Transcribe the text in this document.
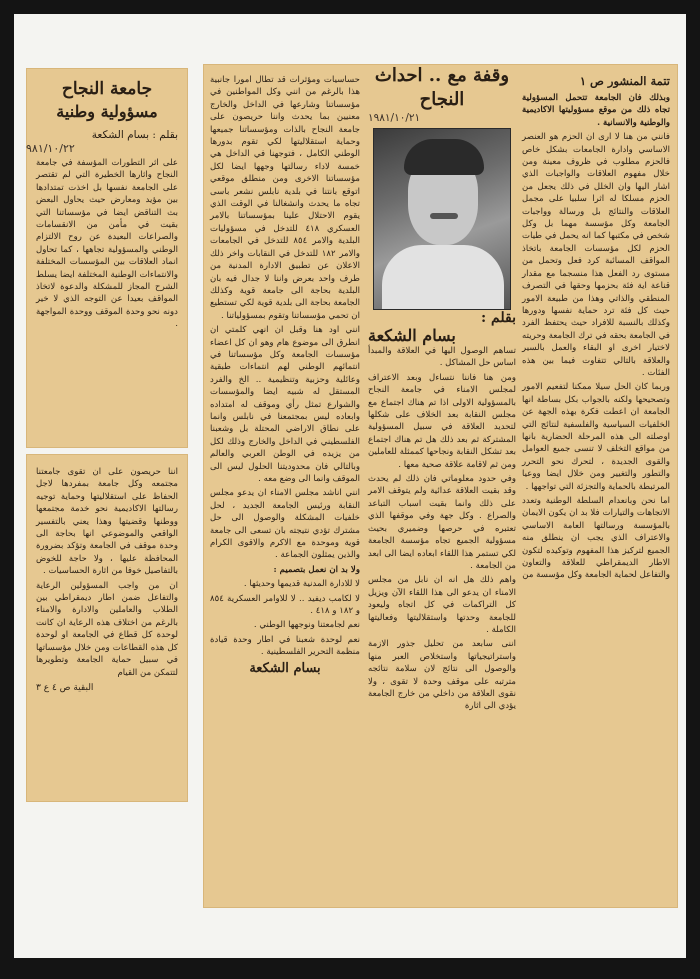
جامعة النجاح

مسؤولية وطنية

بقلم : بسام الشكعة

٩٨١/١٠/٢٢

على اثر التطورات المؤسفة في جامعة النجاح واثارها الخطيرة التي لم تقتصر على الجامعة نفسها بل اخذت تمتدادها بين مؤيد ومعارض حيث يحاول البعض بث التناقض ايضا في مؤسساتنا التي بقيت في مأمن من الانقسامات والصراعات البعيدة عن روح الالتزام الوطني والمسؤولية تجاهها ، كما تحاول انماد العلاقات بين المؤسسات المختلفة والانتماءات الوطنية المختلفة ايضا يسلط الشرح المجاز للمشكلة والدعوة لاتخاذ المواقف بعيدا عن التوجه الذي لا خير دونه نحو وحدة الموقف ووحدة المواجهة .

اننا حريصون على ان تقوى جامعتنا مجتمعه وكل جامعة بمفردها لاجل الحفاظ على استقلاليتها وحماية توجيه رسالتها الاكاديمية نحو خدمة مجتمعها ووطنها وقضيتها وهذا يعني بالتفسير الواقعي والموضوعي انها بحاجة الى وحدة موقف في الجامعة وتؤكد بضرورة المحافظة عليها ، ولا حاجة للخوض بالتفاصيل خوفا من اثارة الحساسيات .

ان من واجب المسؤولين الرعاية والتفاعل ضمن اطار ديمقراطي بين الطلاب والعاملين والادارة والامناء بالرغم من اختلاف هذه الرعاية ان كانت لوحدة كل قطاع في الجامعة او لوحدة كل هذه القطاعات ومن خلال مؤسساتها في سبيل حماية الجامعة وتطويرها لتتمكن من القيام

البقية ص ٤ ع ٣

تتمة المنشور ص ١

وبذلك فان الجامعة تتحمل المسؤولية تجاه ذلك من موقع مسؤوليتها الاكاديمية والوطنية والانسانية .

فانني من هنا لا ارى ان الحزم هو العنصر الاساسي وادارة الجامعات بشكل خاص فالحزم مطلوب في ظروف معينة ومن خلال مفهوم العلاقات والواجبات الذي اشار اليها وان الخلل في ذلك يجعل من الحزم مسلكا له اثرا سلبيا على مجمل العلاقات والنتائج بل ورسالة وواجبات الجامعة وكل مؤسسة مهما بل وكل شخص في مكتبها كما انه يحمل في طيات الحزم لكل مؤسسات الجامعة باتخاذ المواقف المسائبة كرد فعل وتحمل من مستوى رد الفعل هذا منسجما مع مقدار قناعة اية فئة بحزمها وحقها في التصرف المنطقي والذاتي وهذا من طبيعة الامور حيث كل فئة ترد حماية نفسها ودورها وكذلك بالنسبة للافراد حيث يحتفظ الفرد في الجامعة بحقه في ترك الجامعة وحريته لاختيار اخرى او البقاء والعمل بالسير والعلاقة بالتالي تتفاوت فيما بين هذه الفئات .

وربما كان الحل سيلا ممكنا لتفعيم الامور وتصحيحها ولكنه بالجواب بكل بساطة انها الجامعة ان اعطت فكرة بهذه الجهة عن الخلفيات السياسية والفلسفية لنتائج التي اوصلته الى هذه المرحلة الحضارية بانها من مواقع التخلف لا تنسى جميع العوامل والقوى الجديدة ، لتحرك نحو التحرر والتطور والتغيير ومن خلال ايضا ووعيا المرتبطة بالحماية والتجزئة التي تواجهها .

اما نحن وبانعدام السلطة الوطنية وتعدد الاتجاهات والتيارات فلا بد ان يكون الايمان بالمؤسسة ورسالتها العامة الاساسي والاعتراف الذي يجب ان ينطلق منه الجميع لتركيز هذا المفهوم وتوكيده لتكون الاطار الديمقراطي للعلاقة والتعاون والتفاعل لحماية الجامعة وكل مؤسسة من

وقفة مع .. احداث النجاح

١٩٨١/١٠/٢١

بقلم :

بسام الشكعة

تساهم الوصول اليها في العلاقة والمبدأ اساس حل المشاكل .

ومن هنا فاننا نتساءل وبعد الاعتراف لمجلس الامناء في جامعة النجاح بالمسؤولية الاولى اذا تم هناك اجتماع مع مجلس النقابة بعد الخلاف على شكلها لتحديد العلاقة في سبيل المسؤولية المشتركة ثم بعد ذلك هل تم هناك اجتماع بعد تشكل النقابة ونجاحها كممثلة للعاملين ومن ثم لاقامة علاقة صحية معها .

وفي حدود معلوماتي فان ذلك لم يحدث وقد بقيت العلاقة عدائية ولم يتوقف الامر على ذلك وانما بقيت اسباب التباعد والصراع . وكل جهة وفي موقفها الذي تعتبره في حرصها وضميري بحيث مسؤولية الجميع تجاه مؤسسة الجامعة لكي تستمر هذا اللقاء ابعاده ايضا الى ابعد من الجامعة .

واهم ذلك هل انه ان نابل من مجلس الامناء ان يدعو الى هذا اللقاء الآن ويزيل كل التراكمات في كل اتجاه وليعود للجامعة وحدتها واستقلاليتها وفعاليتها الكاملة .

اننى سابعد من تحليل جذور الازمة واستراتيجياتها واستخلاص العبر منها والوصول الى نتائج لان سلامة نتائجه مترتبه على موقف وحدة لا تقوى ، ولا نقوى العلاقة من داخلي من خارج الجامعة يؤدي الى اثارة

حساسيات ومؤثرات قد تطال امورا جانبية هذا بالرغم من انني وكل المواطنين في مؤسساتنا وشارعها في الداخل والخارج معنيين بما يحدث واننا حريصون على جامعة النجاح بالذات ومؤسساتنا جميعها وحماية استقلاليتها لكي تقوم بدورها الوطني الكامل ، فتوجهنا في الداخل هي خمسة لاداء رسالتها وجهها ايضا لكل مؤسساتنا الاخرى ومن منطلق موقعي اتوقع بانتنا في بلدية نابلس نشعر باسى تجاه ما يحدث وانشغالنا في الوقت الذي يقوم الاحتلال علينا بمؤسساتنا بالامر العسكري ٤١٨ للتدخل في مسؤوليات البلدية والامر ٨٥٤ للتدخل في الجامعات والامر ١٨٢ للتدخل في النقابات واخر ذلك الاعلان عن تطبيق الادارة المدنية من طرف واحد بعرض واننا لا جدال فيه بان البلدية بحاجة الى جامعة قوية وكذلك الجامعة بحاجة الى بلدية قوية لكي تستطيع ان تحمي مؤسساتنا وتقوم بمسؤولياتنا .

انني اود هنا وقبل ان انهي كلمتي ان انطرق الى موضوع هام وهو ان كل اعضاء مؤسسات الجامعة وكل مؤسساتنا في انتمائهم الوطني لهم انتماءات طبقية وعائلية وحزبية وتنظيمية .. الخ والفرد المستقل له شبيه ايضا والمؤسسات والشوارع تمثل رأي وموقف له امتداده وابعاده ليس بمجتمعنا في نابلس وانما على نطاق الاراضي المحتلة بل وشعبنا الفلسطيني في الداخل والخارج وذلك لكل من يزيده في الوطن العربي والعالم وبالتالي فان محدوديتنا الحلول ليس الى الموقف وانما الى وضع معه .

انني اناشد مجلس الامناء ان يدعو مجلس النقابة ورئيس الجامعة الجديد ، لحل خلفيات المشكلة والوصول الى حل مشترك تؤدي نتيجته بان تسعى الى جامعة قوية وموحدة مع الاكرم والاقوى الكرام والذين يمثلون الجماعة .

ولا بد ان نعمل بتصميم :

لا للادارة المدنية قديمها وحديثها .

لا لكامب ديفيد .. لا للاوامر العسكرية ٨٥٤ و ١٨٢ و ٤١٨ .

نعم لجامعتنا ونوجهها الوطني .

نعم لوحدة شعبنا في اطار وحدة قيادة منظمة التحرير الفلسطينية .

بسام الشكعة
